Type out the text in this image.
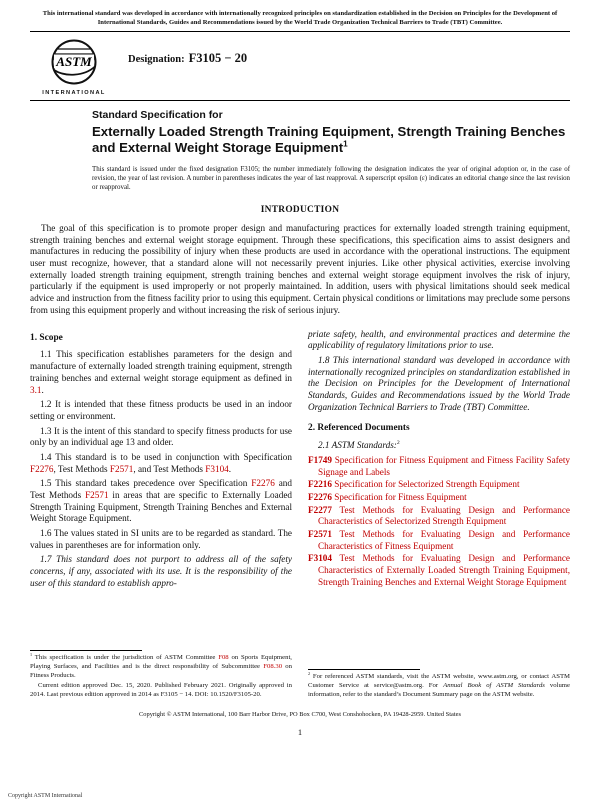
This international standard was developed in accordance with internationally recognized principles on standardization established in the Decision on Principles for the Development of International Standards, Guides and Recommendations issued by the World Trade Organization Technical Barriers to Trade (TBT) Committee.
ASTM
INTERNATIONAL
Designation: F3105 − 20
Standard Specification for
Externally Loaded Strength Training Equipment, Strength Training Benches and External Weight Storage Equipment$^1$
This standard is issued under the fixed designation F3105; the number immediately following the designation indicates the year of original adoption or, in the case of revision, the year of last revision. A number in parentheses indicates the year of last reapproval. A superscript epsilon (ε) indicates an editorial change since the last revision or reapproval.
INTRODUCTION
The goal of this specification is to promote proper design and manufacturing practices for externally loaded strength training equipment, strength training benches and external weight storage equipment. Through these specifications, this specification aims to assist designers and manufactures in reducing the possibility of injury when these products are used in accordance with the operational instructions. The equipment user must recognize, however, that a standard alone will not necessarily prevent injuries. Like other physical activities, exercise involving externally loaded strength training equipment, strength training benches and external weight storage equipment involves the risk of injury, particularly if the equipment is used improperly or not properly maintained. In addition, users with physical limitations should seek medical advice and instruction from the fitness facility prior to using this equipment. Certain physical conditions or limitations may preclude some persons from using this equipment properly and without increasing the risk of serious injury.
1. Scope

1.1 This specification establishes parameters for the design and manufacture of externally loaded strength training equipment, strength training benches and external weight storage equipment as defined in 3.1.

1.2 It is intended that these fitness products be used in an indoor setting or environment.

1.3 It is the intent of this standard to specify fitness products for use only by an individual age 13 and older.

1.4 This standard is to be used in conjunction with Specification F2276, Test Methods F2571, and Test Methods F3104.

1.5 This standard takes precedence over Specification F2276 and Test Methods F2571 in areas that are specific to Externally Loaded Strength Training Equipment, Strength Training Benches and External Weight Storage Equipment.

1.6 The values stated in SI units are to be regarded as standard. The values in parentheses are for information only.

1.7 This standard does not purport to address all of the safety concerns, if any, associated with its use. It is the responsibility of the user of this standard to establish appro-

$^1$ This specification is under the jurisdiction of ASTM Committee F08 on Sports Equipment, Playing Surfaces, and Facilities and is the direct responsibility of Subcommittee F08.30 on Fitness Products.
Current edition approved Dec. 15, 2020. Published February 2021. Originally approved in 2014. Last previous edition approved in 2014 as F3105 − 14. DOI: 10.1520/F3105-20.

priate safety, health, and environmental practices and determine the applicability of regulatory limitations prior to use.

1.8 This international standard was developed in accordance with internationally recognized principles on standardization established in the Decision on Principles for the Development of International Standards, Guides and Recommendations issued by the World Trade Organization Technical Barriers to Trade (TBT) Committee.

2. Referenced Documents

2.1 ASTM Standards:$^2$

F1749 Specification for Fitness Equipment and Fitness Facility Safety Signage and Labels
F2216 Specification for Selectorized Strength Equipment
F2276 Specification for Fitness Equipment
F2277 Test Methods for Evaluating Design and Performance Characteristics of Selectorized Strength Equipment
F2571 Test Methods for Evaluating Design and Performance Characteristics of Fitness Equipment
F3104 Test Methods for Evaluating Design and Performance Characteristics of Externally Loaded Strength Training Equipment, Strength Training Benches and External Weight Storage Equipment
$^2$ For referenced ASTM standards, visit the ASTM website, www.astm.org, or contact ASTM Customer Service at service@astm.org. For Annual Book of ASTM Standards volume information, refer to the standard’s Document Summary page on the ASTM website.
Copyright © ASTM International, 100 Barr Harbor Drive, PO Box C700, West Conshohocken, PA 19428-2959. United States
1
Copyright ASTM International
